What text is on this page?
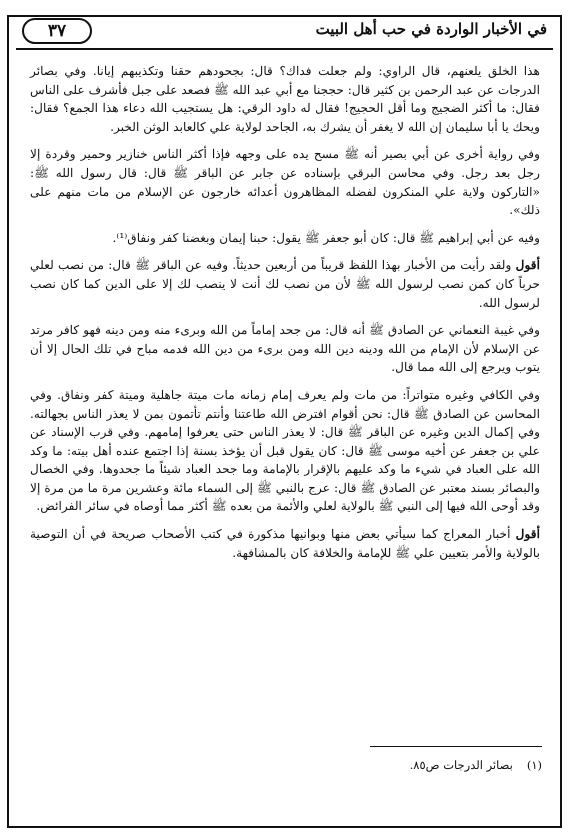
في الأخبار الواردة في حب أهل البيت
٣٧

هذا الخلق يلعنهم، قال الراوي: ولم جعلت فداك؟ قال: بجحودهم حقنا وتكذيبهم إيانا. وفي بصائر الدرجات عن عبد الرحمن بن كثير قال: حججنا مع أبي عبد الله ﷺ فصعد على جبل فأشرف على الناس فقال: ما أكثر الضجيج وما أقل الحجيج! فقال له داود الرقي: هل يستجيب الله دعاء هذا الجمع؟ فقال: ويحك يا أبا سليمان إن الله لا يغفر أن يشرك به، الجاحد لولاية علي كالعابد الوثن الخبر.

وفي رواية أخرى عن أبي بصير أنه ﷺ مسح يده على وجهه فإذا أكثر الناس خنازير وحمير وقردة إلا رجل بعد رجل. وفي محاسن البرقي بإسناده عن جابر عن الباقر ﷺ قال: قال رسول الله ﷺ: «التاركون ولاية علي المنكرون لفضله المظاهرون أعدائه خارجون عن الإسلام من مات منهم على ذلك».

وفيه عن أبي إبراهيم ﷺ قال: كان أبو جعفر ﷺ يقول: حبنا إيمان وبغضنا كفر ونفاق⁽¹⁾.

أقول ولقد رأيت من الأخبار بهذا اللفظ قريباً من أربعين حديثاً. وفيه عن الباقر ﷺ قال: من نصب لعلي حرباً كان كمن نصب لرسول الله ﷺ لأن من نصب لك أنت لا ينصب لك إلا على الدين كما كان نصب لرسول الله.

وفي غيبة النعماني عن الصادق ﷺ أنه قال: من جحد إماماً من الله وبرىء منه ومن دينه فهو كافر مرتد عن الإسلام لأن الإمام من الله ودينه دين الله ومن برىء من دين الله فدمه مباح في تلك الحال إلا أن يتوب ويرجع إلى الله مما قال.

وفي الكافي وغيره متواتراً: من مات ولم يعرف إمام زمانه مات ميتة جاهلية وميتة كفر ونفاق. وفي المحاسن عن الصادق ﷺ قال: نحن أقوام افترض الله طاعتنا وأنتم تأتمون بمن لا يعذر الناس بجهالته. وفي إكمال الدين وغيره عن الباقر ﷺ قال: لا يعذر الناس حتى يعرفوا إمامهم. وفي قرب الإسناد عن علي بن جعفر عن أخيه موسى ﷺ قال: كان يقول قبل أن يؤخذ بسنة إذا اجتمع عنده أهل بيته: ما وكد الله على العباد في شيء ما وكد عليهم بالإقرار بالإمامة وما جحد العباد شيئاً ما جحدوها. وفي الخصال والبصائر بسند معتبر عن الصادق ﷺ قال: عرج بالنبي ﷺ إلى السماء مائة وعشرين مرة ما من مرة إلا وقد أوحى الله فيها إلى النبي ﷺ بالولاية لعلي والأئمة من بعده ﷺ أكثر مما أوصاه في سائر الفرائض.

أقول أخبار المعراج كما سيأتي بعض منها وبوانيها مذكورة في كتب الأصحاب صريحة في أن التوصية بالولاية والأمر بتعيين علي ﷺ للإمامة والخلافة كان بالمشافهة.

(١)بصائر الدرجات ص٨٥.
